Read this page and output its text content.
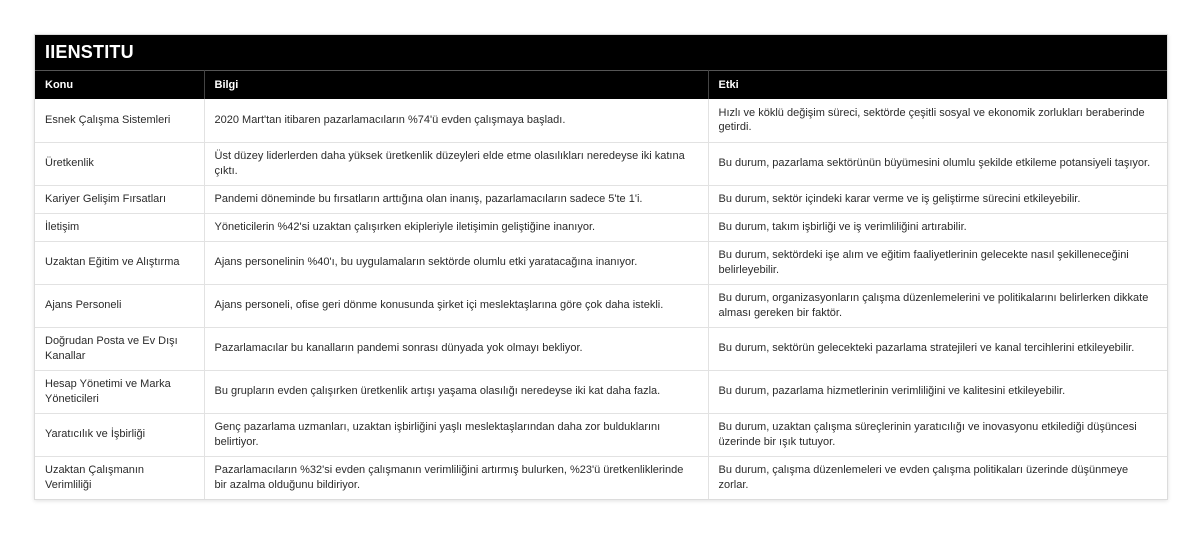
IIENSTITU
Konu	Bilgi	Etki
Esnek Çalışma Sistemleri	2020 Mart'tan itibaren pazarlamacıların %74'ü evden çalışmaya başladı.	Hızlı ve köklü değişim süreci, sektörde çeşitli sosyal ve ekonomik zorlukları beraberinde getirdi.
Üretkenlik	Üst düzey liderlerden daha yüksek üretkenlik düzeyleri elde etme olasılıkları neredeyse iki katına çıktı.	Bu durum, pazarlama sektörünün büyümesini olumlu şekilde etkileme potansiyeli taşıyor.
Kariyer Gelişim Fırsatları	Pandemi döneminde bu fırsatların arttığına olan inanış, pazarlamacıların sadece 5'te 1'i.	Bu durum, sektör içindeki karar verme ve iş geliştirme sürecini etkileyebilir.
İletişim	Yöneticilerin %42'si uzaktan çalışırken ekipleriyle iletişimin geliştiğine inanıyor.	Bu durum, takım işbirliği ve iş verimliliğini artırabilir.
Uzaktan Eğitim ve Alıştırma	Ajans personelinin %40'ı, bu uygulamaların sektörde olumlu etki yaratacağına inanıyor.	Bu durum, sektördeki işe alım ve eğitim faaliyetlerinin gelecekte nasıl şekilleneceğini belirleyebilir.
Ajans Personeli	Ajans personeli, ofise geri dönme konusunda şirket içi meslektaşlarına göre çok daha istekli.	Bu durum, organizasyonların çalışma düzenlemelerini ve politikalarını belirlerken dikkate alması gereken bir faktör.
Doğrudan Posta ve Ev Dışı Kanallar	Pazarlamacılar bu kanalların pandemi sonrası dünyada yok olmayı bekliyor.	Bu durum, sektörün gelecekteki pazarlama stratejileri ve kanal tercihlerini etkileyebilir.
Hesap Yönetimi ve Marka Yöneticileri	Bu grupların evden çalışırken üretkenlik artışı yaşama olasılığı neredeyse iki kat daha fazla.	Bu durum, pazarlama hizmetlerinin verimliliğini ve kalitesini etkileyebilir.
Yaratıcılık ve İşbirliği	Genç pazarlama uzmanları, uzaktan işbirliğini yaşlı meslektaşlarından daha zor bulduklarını belirtiyor.	Bu durum, uzaktan çalışma süreçlerinin yaratıcılığı ve inovasyonu etkilediği düşüncesi üzerinde bir ışık tutuyor.
Uzaktan Çalışmanın Verimliliği	Pazarlamacıların %32'si evden çalışmanın verimliliğini artırmış bulurken, %23'ü üretkenliklerinde bir azalma olduğunu bildiriyor.	Bu durum, çalışma düzenlemeleri ve evden çalışma politikaları üzerinde düşünmeye zorlar.
